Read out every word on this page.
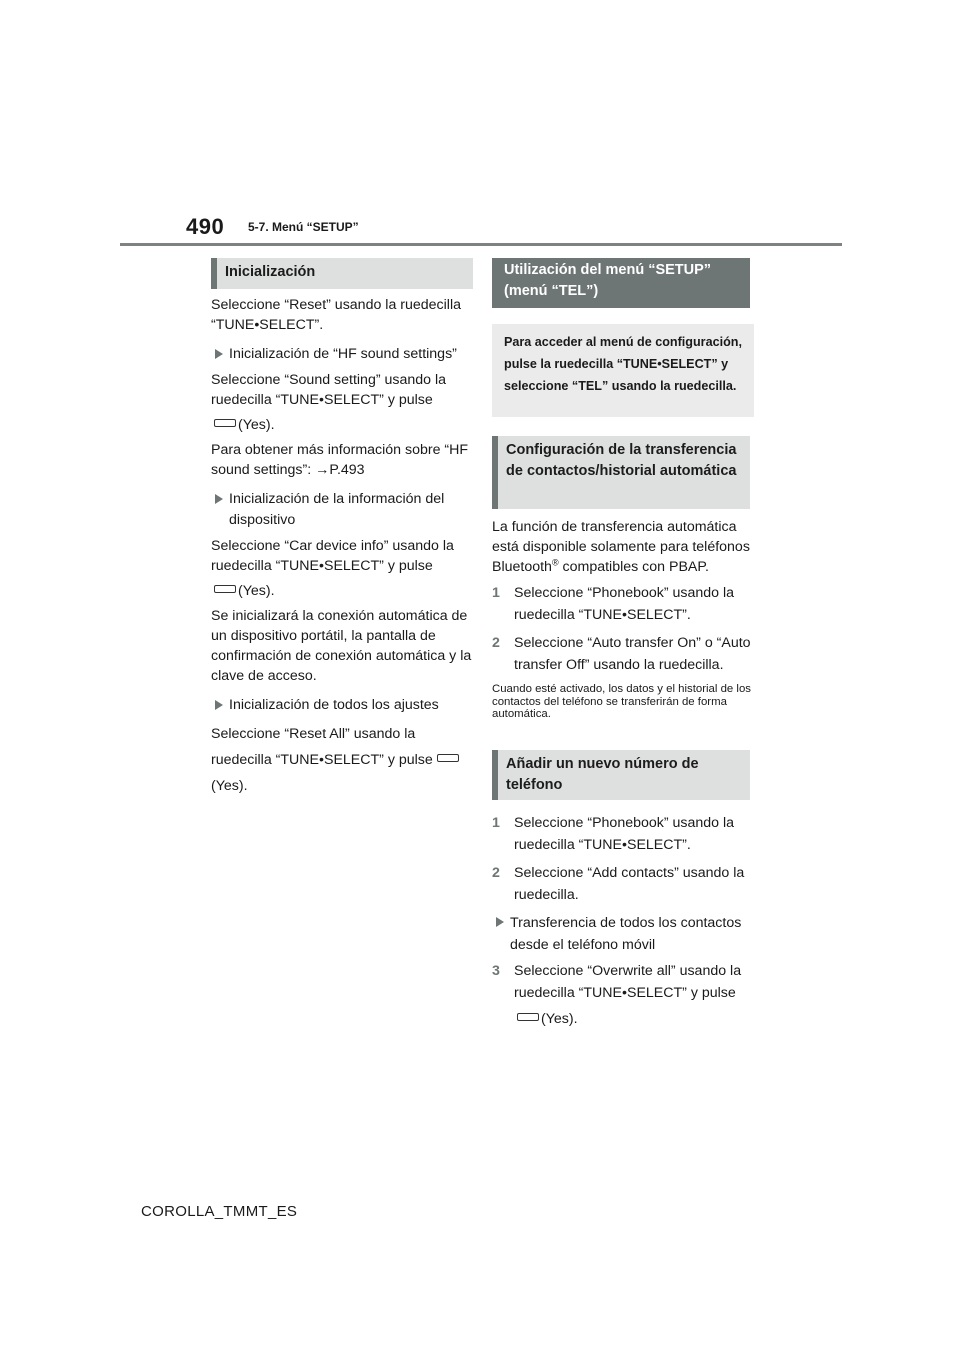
490 5-7. Menú “SETUP”
Inicialización

Seleccione “Reset” usando la ruedecilla “TUNE•SELECT”.

Inicialización de “HF sound settings”

Seleccione “Sound setting” usando la ruedecilla “TUNE•SELECT” y pulse

(Yes).

Para obtener más información sobre “HF sound settings”: →P.493

Inicialización de la información del dispositivo

Seleccione “Car device info” usando la ruedecilla “TUNE•SELECT” y pulse

(Yes).

Se inicializará la conexión automática de un dispositivo portátil, la pantalla de confirmación de conexión automática y la clave de acceso.

Inicialización de todos los ajustes

Seleccione “Reset All” usando la ruedecilla “TUNE•SELECT” y pulse (Yes).

Utilización del menú “SETUP” (menú “TEL”)
Para acceder al menú de configuración, pulse la ruedecilla “TUNE•SELECT” y seleccione “TEL” usando la ruedecilla.
Configuración de la transferencia de contactos/historial automática

La función de transferencia automática está disponible solamente para teléfonos Bluetooth® compatibles con PBAP.

1 Seleccione “Phonebook” usando la ruedecilla “TUNE•SELECT”.

2 Seleccione “Auto transfer On” o “Auto transfer Off” usando la ruedecilla.

Cuando esté activado, los datos y el historial de los contactos del teléfono se transferirán de forma automática.

Añadir un nuevo número de teléfono

1 Seleccione “Phonebook” usando la ruedecilla “TUNE•SELECT”.

2 Seleccione “Add contacts” usando la ruedecilla.

Transferencia de todos los contactos desde el teléfono móvil

3 Seleccione “Overwrite all” usando la ruedecilla “TUNE•SELECT” y pulse

(Yes).

COROLLA_TMMT_ES
